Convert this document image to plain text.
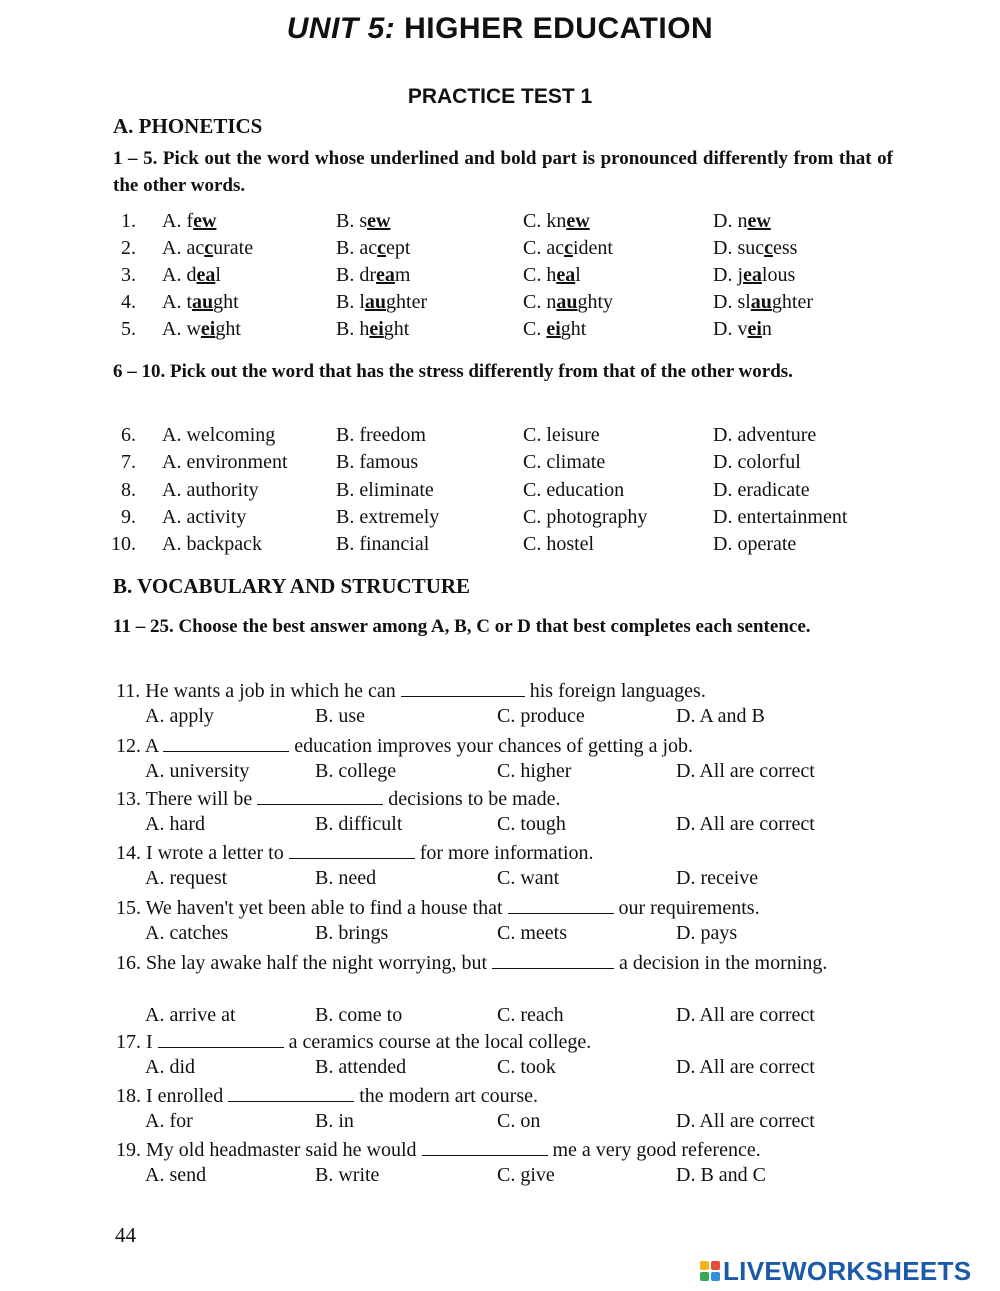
UNIT 5: HIGHER EDUCATION
PRACTICE TEST 1
A. PHONETICS
1 – 5. Pick out the word whose underlined and bold part is pronounced differently from that of the other words.
1. A. few	B. sew	C. knew	D. new
2. A. accurate	B. accept	C. accident	D. success
3. A. deal	B. dream	C. heal	D. jealous
4. A. taught	B. laughter	C. naughty	D. slaughter
5. A. weight	B. height	C. eight	D. vein
6 – 10. Pick out the word that has the stress differently from that of the other words.
6. A. welcoming	B. freedom	C. leisure	D. adventure
7. A. environment B. famous	C. climate	D. colorful
8. A. authority	B. eliminate	C. education	D. eradicate
9. A. activity	B. extremely	C. photography	D. entertainment
10. A. backpack	B. financial	C. hostel	D. operate
B. VOCABULARY AND STRUCTURE
11 – 25. Choose the best answer among A, B, C or D that best completes each sentence.
11. He wants a job in which he can	his foreign languages.
A. apply	B. use	C. produce	D. A and B
12. A	education improves your chances of getting a job.
A. university	B. college	C. higher	D. All are correct
13. There will be	decisions to be made.
A. hard	B. difficult	C. tough	D. All are correct
14. I wrote a letter to	for more information.
A. request	B. need	C. want	D. receive
15. We haven't yet been able to find a house that	our requirements.
A. catches	B. brings	C. meets	D. pays
16. She lay awake half the night worrying, but	a decision in the morning.
A. arrive at	B. come to	C. reach	D. All are correct
17. I	a ceramics course at the local college.
A. did	B. attended	C. took	D. All are correct
18. I enrolled	the modern art course.
A. for	B. in	C. on	D. All are correct
19. My old headmaster said he would	me a very good reference.
A. send	B. write	C. give	D. B and C
44
LIVEWORKSHEETS
